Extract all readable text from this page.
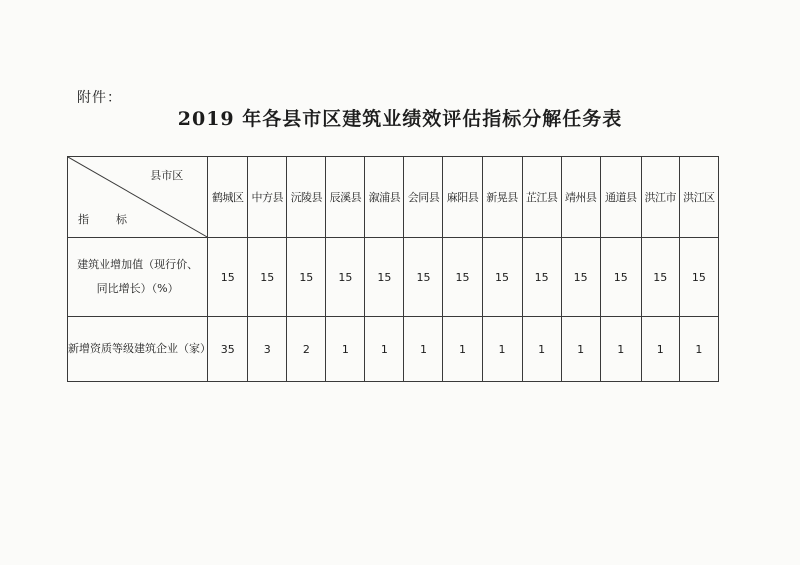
附件：
2019 年各县市区建筑业绩效评估指标分解任务表
县市区
指　标	鹤城区	中方县	沅陵县	辰溪县	溆浦县	会同县	麻阳县	新晃县	芷江县	靖州县	通道县	洪江市	洪江区

建筑业增加值（现行价、
同比增长）（%）	15	15	15	15	15	15	15	15	15	15	15	15	15

新增资质等级建筑企业（家）	35	3	2	1	1	1	1	1	1	1	1	1	1
